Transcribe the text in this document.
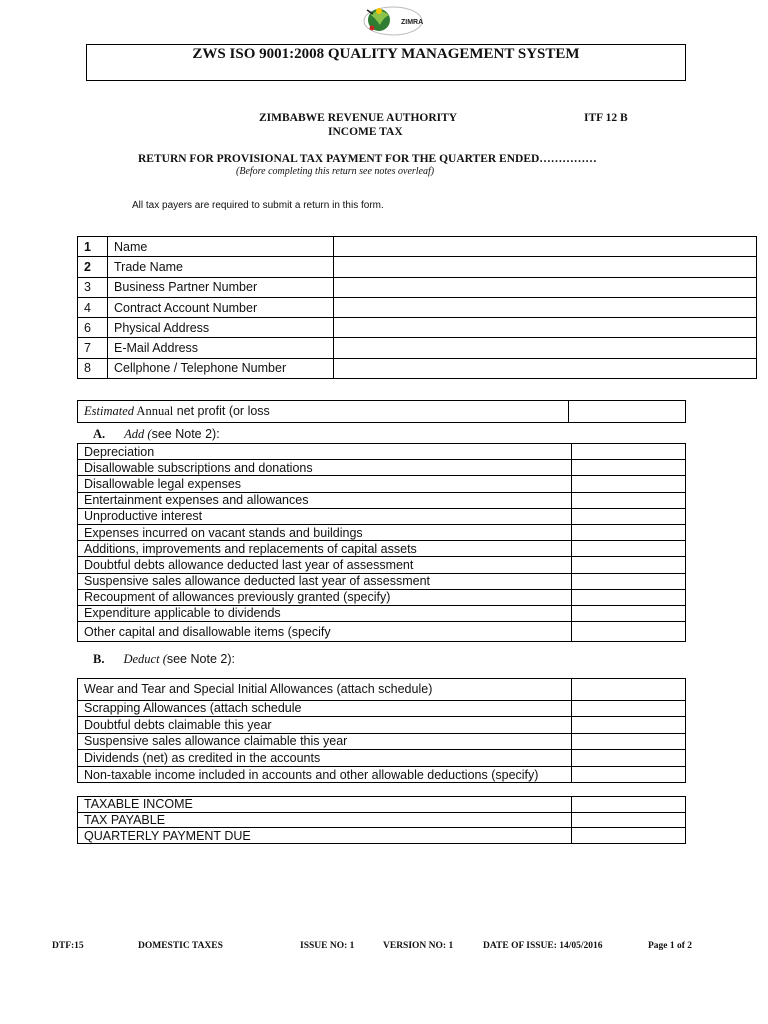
ZIMRA
ZWS ISO 9001:2008 QUALITY MANAGEMENT SYSTEM
ZIMBABWE REVENUE AUTHORITY	ITF 12 B
INCOME TAX
RETURN FOR PROVISIONAL TAX PAYMENT FOR THE QUARTER ENDED……………
(Before completing this return see notes overleaf)
All tax payers are required to submit a return in this form.
1	Name	
2	Trade Name	
3	Business Partner Number	
4	Contract Account Number	
6	Physical Address	
7	E-Mail Address	
8	Cellphone / Telephone Number	
Estimated Annual net profit (or loss	
A. Add (see Note 2):
Depreciation	
Disallowable subscriptions and donations	
Disallowable legal expenses	
Entertainment expenses and allowances	
Unproductive interest	
Expenses incurred on vacant stands and buildings	
Additions, improvements and replacements of capital assets	
Doubtful debts allowance deducted last year of assessment	
Suspensive sales allowance deducted last year of assessment	
Recoupment of allowances previously granted (specify)	
Expenditure applicable to dividends	
Other capital and disallowable items (specify	
B. Deduct (see Note 2):
Wear and Tear and Special Initial Allowances (attach schedule)	
Scrapping Allowances (attach schedule	
Doubtful debts claimable this year	
Suspensive sales allowance claimable this year	
Dividends (net) as credited in the accounts	
Non-taxable income included in accounts and other allowable deductions (specify)	
TAXABLE INCOME	
TAX PAYABLE	
QUARTERLY PAYMENT DUE	
DTF:15	DOMESTIC TAXES	ISSUE NO: 1	VERSION NO: 1	DATE OF ISSUE: 14/05/2016	Page 1 of 2
